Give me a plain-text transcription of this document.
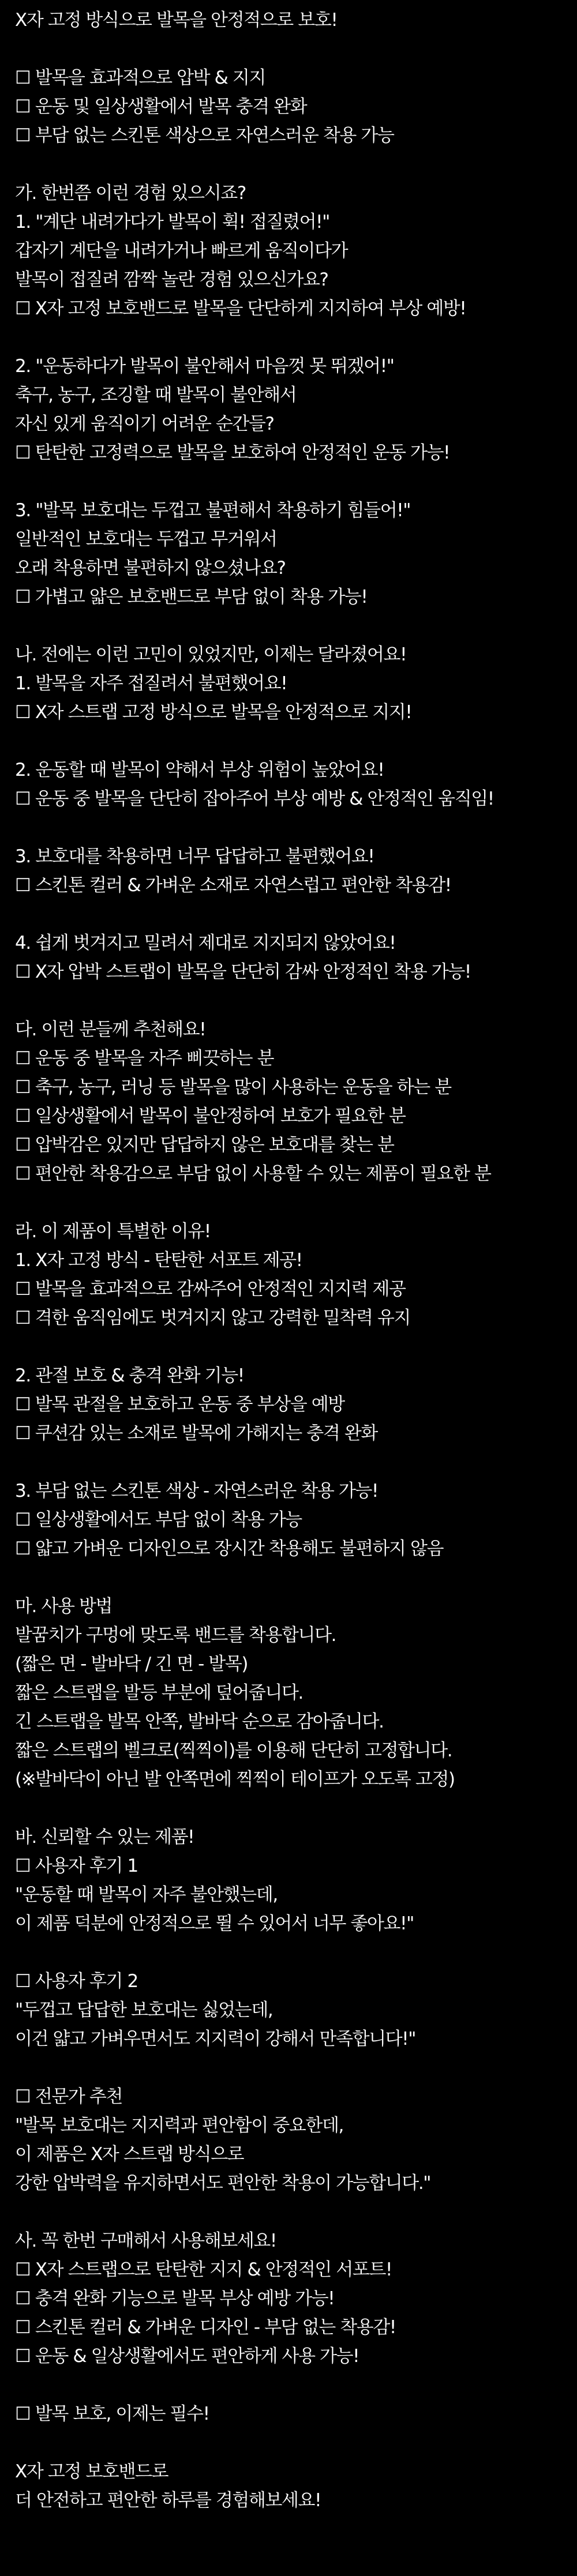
X자 고정 방식으로 발목을 안정적으로 보호!
☐ 발목을 효과적으로 압박 & 지지
☐ 운동 및 일상생활에서 발목 충격 완화
☐ 부담 없는 스킨톤 색상으로 자연스러운 착용 가능
가. 한번쯤 이런 경험 있으시죠?
1. "계단 내려가다가 발목이 휙! 접질렸어!"
갑자기 계단을 내려가거나 빠르게 움직이다가
발목이 접질려 깜짝 놀란 경험 있으신가요?
☐ X자 고정 보호밴드로 발목을 단단하게 지지하여 부상 예방!
2. "운동하다가 발목이 불안해서 마음껏 못 뛰겠어!"
축구, 농구, 조깅할 때 발목이 불안해서
자신 있게 움직이기 어려운 순간들?
☐ 탄탄한 고정력으로 발목을 보호하여 안정적인 운동 가능!
3. "발목 보호대는 두껍고 불편해서 착용하기 힘들어!"
일반적인 보호대는 두껍고 무거워서
오래 착용하면 불편하지 않으셨나요?
☐ 가볍고 얇은 보호밴드로 부담 없이 착용 가능!
나. 전에는 이런 고민이 있었지만, 이제는 달라졌어요!
1. 발목을 자주 접질려서 불편했어요!
☐ X자 스트랩 고정 방식으로 발목을 안정적으로 지지!
2. 운동할 때 발목이 약해서 부상 위험이 높았어요!
☐ 운동 중 발목을 단단히 잡아주어 부상 예방 & 안정적인 움직임!
3. 보호대를 착용하면 너무 답답하고 불편했어요!
☐ 스킨톤 컬러 & 가벼운 소재로 자연스럽고 편안한 착용감!
4. 쉽게 벗겨지고 밀려서 제대로 지지되지 않았어요!
☐ X자 압박 스트랩이 발목을 단단히 감싸 안정적인 착용 가능!
다. 이런 분들께 추천해요!
☐ 운동 중 발목을 자주 삐끗하는 분
☐ 축구, 농구, 러닝 등 발목을 많이 사용하는 운동을 하는 분
☐ 일상생활에서 발목이 불안정하여 보호가 필요한 분
☐ 압박감은 있지만 답답하지 않은 보호대를 찾는 분
☐ 편안한 착용감으로 부담 없이 사용할 수 있는 제품이 필요한 분
라. 이 제품이 특별한 이유!
1. X자 고정 방식 - 탄탄한 서포트 제공!
☐ 발목을 효과적으로 감싸주어 안정적인 지지력 제공
☐ 격한 움직임에도 벗겨지지 않고 강력한 밀착력 유지
2. 관절 보호 & 충격 완화 기능!
☐ 발목 관절을 보호하고 운동 중 부상을 예방
☐ 쿠션감 있는 소재로 발목에 가해지는 충격 완화
3. 부담 없는 스킨톤 색상 - 자연스러운 착용 가능!
☐ 일상생활에서도 부담 없이 착용 가능
☐ 얇고 가벼운 디자인으로 장시간 착용해도 불편하지 않음
마. 사용 방법
발꿈치가 구멍에 맞도록 밴드를 착용합니다.
(짧은 면 - 발바닥 / 긴 면 - 발목)
짧은 스트랩을 발등 부분에 덮어줍니다.
긴 스트랩을 발목 안쪽, 발바닥 순으로 감아줍니다.
짧은 스트랩의 벨크로(찍찍이)를 이용해 단단히 고정합니다.
(※발바닥이 아닌 발 안쪽면에 찍찍이 테이프가 오도록 고정)
바. 신뢰할 수 있는 제품!
☐ 사용자 후기 1
"운동할 때 발목이 자주 불안했는데,
이 제품 덕분에 안정적으로 뛸 수 있어서 너무 좋아요!"
☐ 사용자 후기 2
"두껍고 답답한 보호대는 싫었는데,
이건 얇고 가벼우면서도 지지력이 강해서 만족합니다!"
☐ 전문가 추천
"발목 보호대는 지지력과 편안함이 중요한데,
이 제품은 X자 스트랩 방식으로
강한 압박력을 유지하면서도 편안한 착용이 가능합니다."
사. 꼭 한번 구매해서 사용해보세요!
☐ X자 스트랩으로 탄탄한 지지 & 안정적인 서포트!
☐ 충격 완화 기능으로 발목 부상 예방 가능!
☐ 스킨톤 컬러 & 가벼운 디자인 - 부담 없는 착용감!
☐ 운동 & 일상생활에서도 편안하게 사용 가능!
☐ 발목 보호, 이제는 필수!
X자 고정 보호밴드로
더 안전하고 편안한 하루를 경험해보세요!
